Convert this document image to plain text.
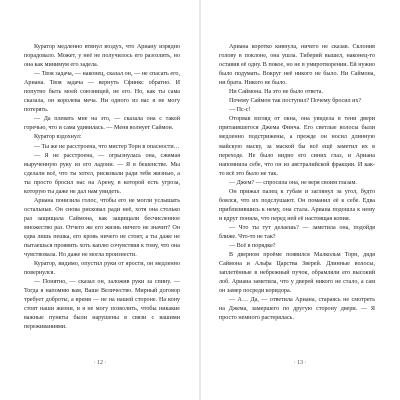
Куратор медленно втянул воздух, что Ариану изрядно порадовало. Может, у неё не получилось его разозлить, но она как минимум его задела.

— Твоя задача, — наконец, сказал он, — не спасать его, Ариана. Твоя задача — вернуть Сфинкс обратно. И попутно быть моей союзницей, не его. Но, как ты сама сказала, он королева меча. Ни одного из вас я не могу потерять.

— Да плевать мне на это, — сказала она с такой горечью, что и сама удивилась. — Меня волнует Саймон.

Куратор вздохнул:

— Ты же не расстроена, что мистер Торн в опасности…

— Я не расстроена, — огрызнулась она, сжимая вырученную руку из его ладони. — Я в бешенстве. Мы сделали всё, что ты хотел, рисковали ради тебя жизнью, а ты просто бросил нас на Арену, в которой есть угроза, которую ты даже не дал нам увидеть.

Ариана понизила голос, чтобы его не могли услышать остальные. Он снова рисковал ради неё, хотя она столько раз защищала Саймона, как защищали бесчисленное множество раз. Отчего же его жизнь ничего не значит? Он едва лишь пешка, его кровь ничего не стоит, а ты даже не пытаешься проявить хоть каплю сочувствия к тому, что она чувствовала. Но даже не могла произнести.

Куратор, видимо, опустил руки от ярости, он медленно повернулся.

— Понятно, — сказал он, заложив руки за спину. — Тогда я напомню вам, Ваше Величество. Мирный договор требует доброты, а время — не на нашей стороне. На кону стоят наши жизни, и я не могу позволить, чтобы никакие важные пункты были нарушены в связи с вашими переживаниями.

· 12 ·

Ариана коротко кивнула, ничего не сказав. Склонив голову в поклоне, она ушла. Тиберий вышел, наконец-то оставив её одну. В покое, но не в умиротворении. Ей нужно было подумать. Вокруг неё никого не было. Ни Саймона, ни брата. Никого не было.

Ни Саймона. На это не было ответа.

Почему Саймон так поступил? Почему бросил их?

— Пс-с!

Оторвав взгляд от окна, она увидела в тени двери притаившегося Джема Финча. Его светлые волосы были медленно подстрижены, а прежде он носил длинную майскую маску, за маской бы всё ещё заметил их в переходе. Не было видно его синих глаз, и Ариана напомнила себе, что он из австралийской фракции. И как-то всё это было не так.

— Джем? — спросила она, не веря своим глазам.

Он прижал палец к губам и заглянул за угол, будто боялся, что их подслушают. Он поманил её к себе. Едва приблизившись к нему, она стала. Ариана подошла к нему и вдруг поняла, что перед ней её настоящая копия.

— Что ты тут делаешь? — заметила она, подойдя ближе. Что-то не так?

— Всё в порядке?

В дверном проёме появился Малкольм Торн, дядя Саймона и Альфа Царства Зверей. Длинные волосы, заплетённые в небрежный пучок, обрамляли его высокий лоб. Ариана заметила, что у дверей никого не стало, а сам он замер посреди коридора.

— А… Да, — ответила Ариана, стараясь не смотреть на Джема, замершего по другую сторону двери. — Я просто немного растерялась.

· 13 ·
